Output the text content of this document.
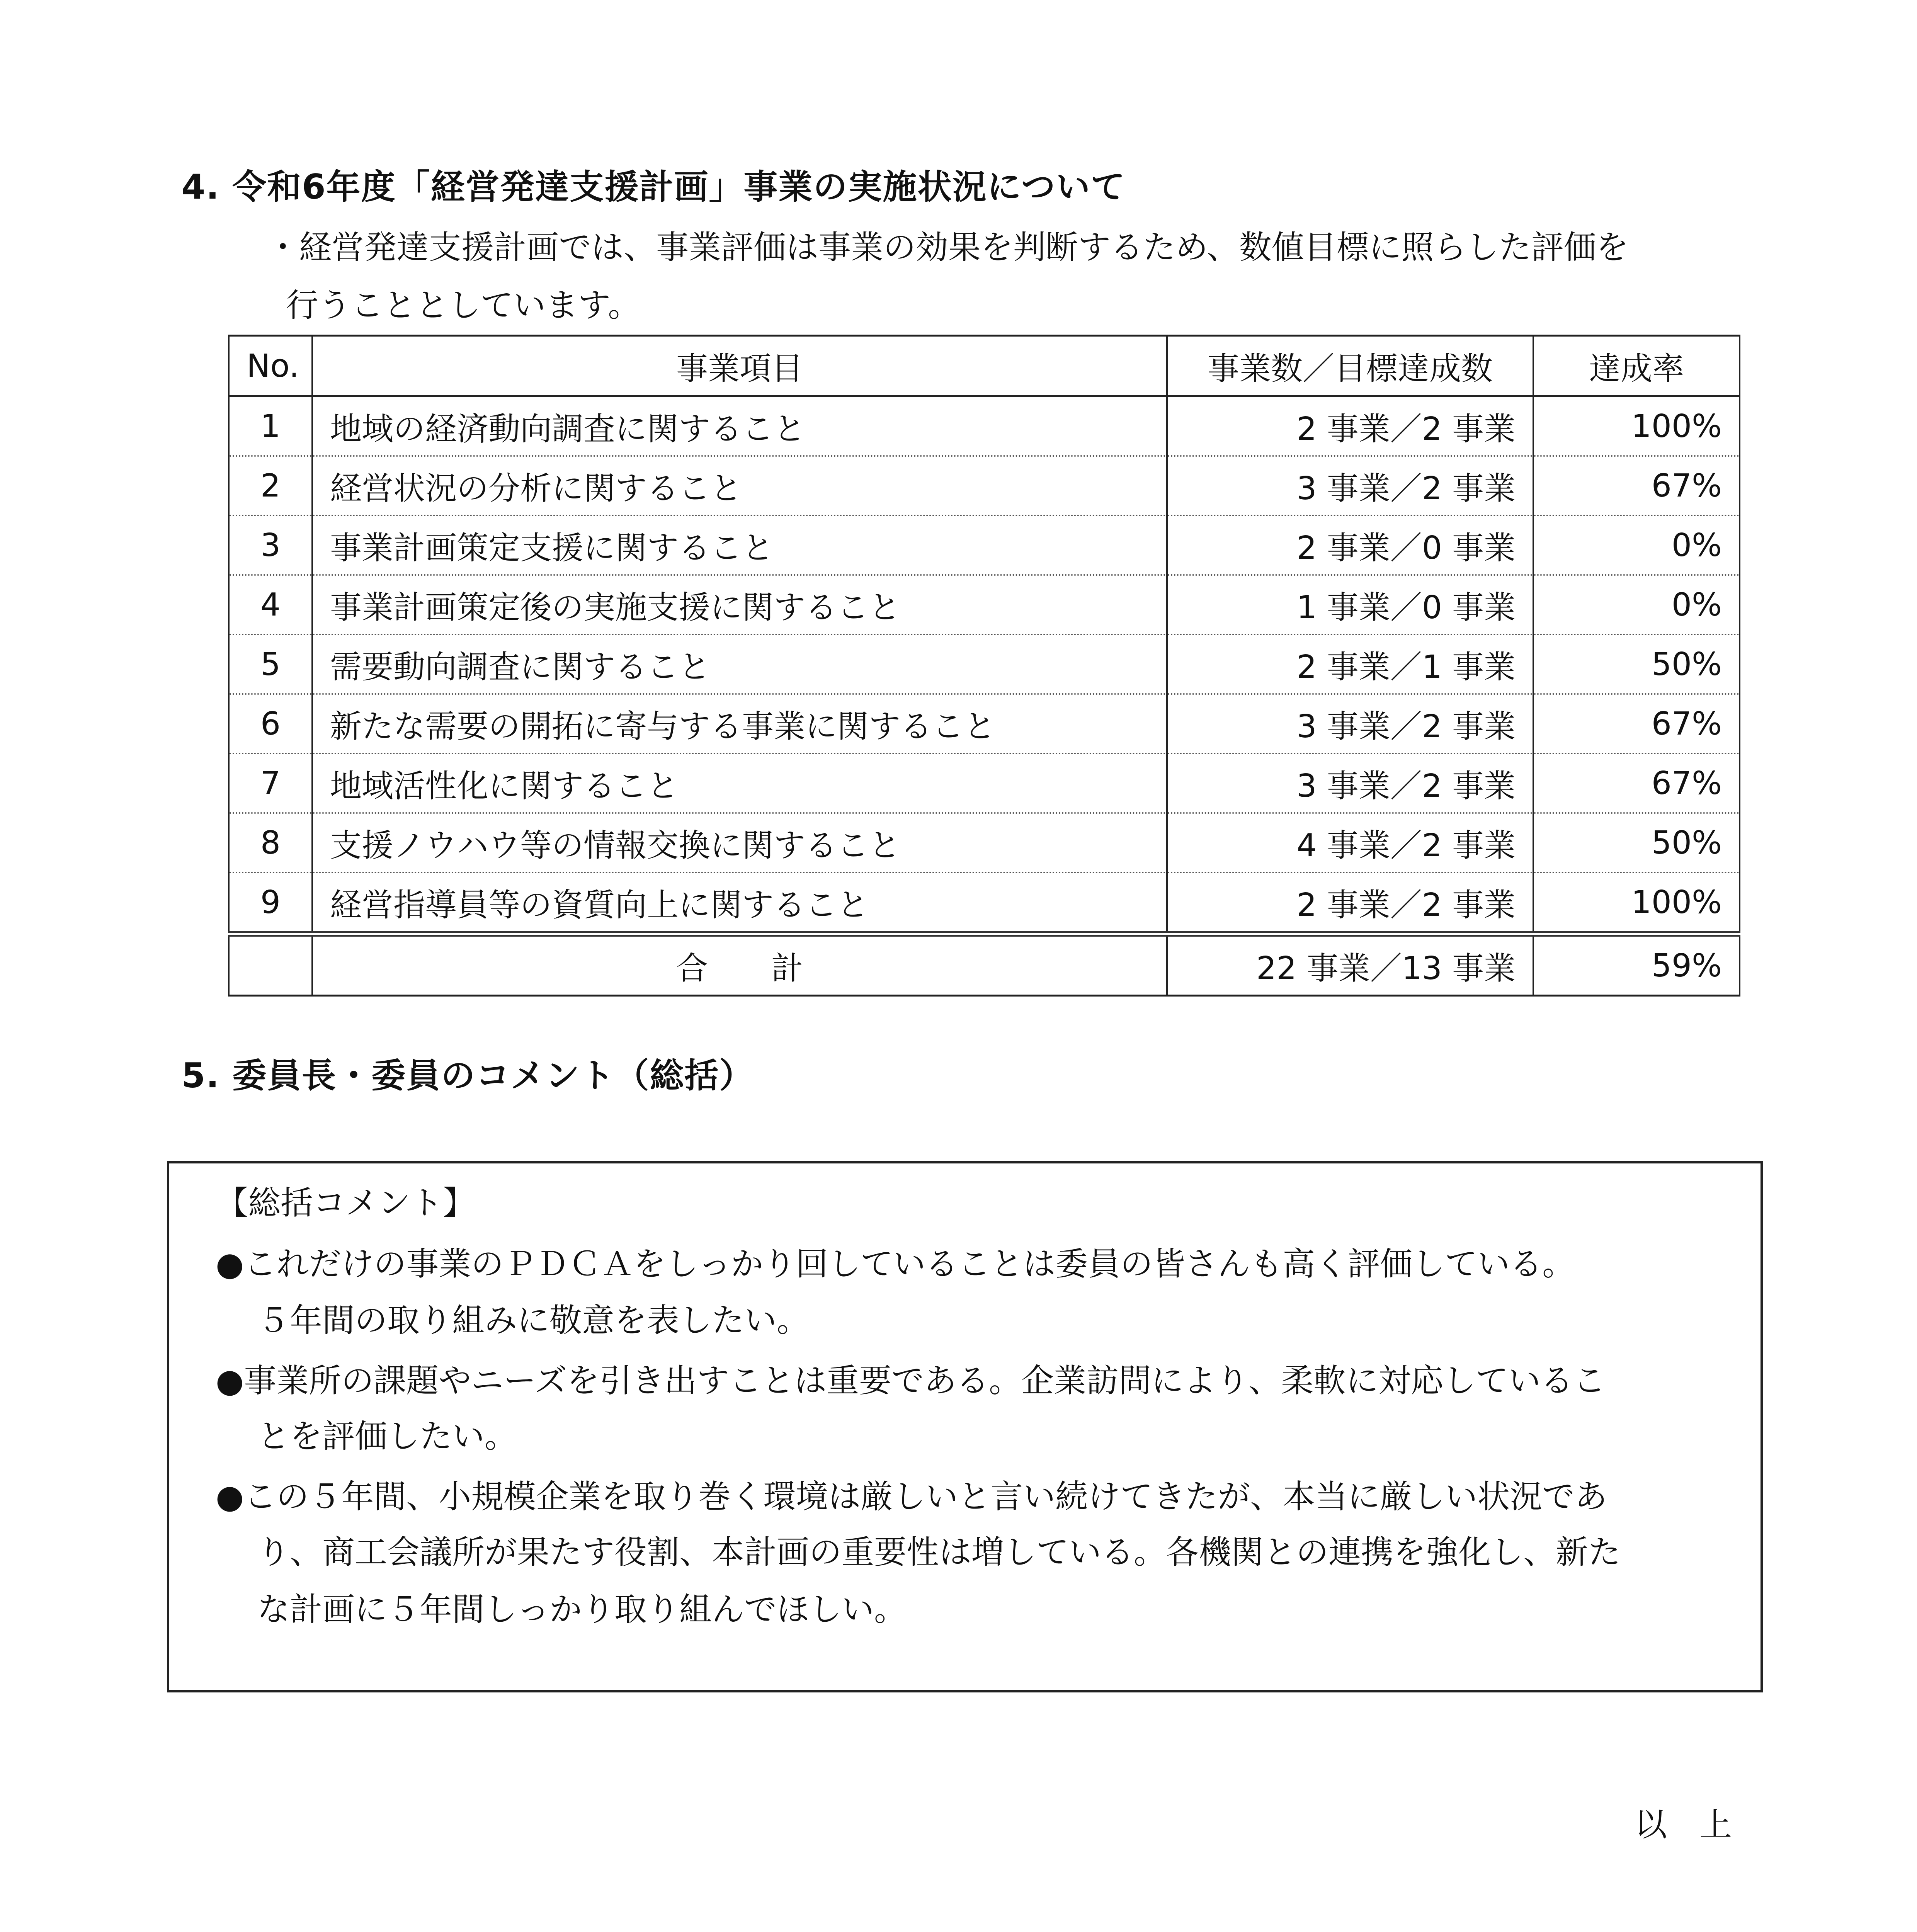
4. 令和6年度「経営発達支援計画」事業の実施状況について
・経営発達支援計画では、事業評価は事業の効果を判断するため、数値目標に照らした評価を
行うこととしています。
No.	事業項目	事業数／目標達成数	達成率
1	地域の経済動向調査に関すること	2 事業／2 事業	100%
2	経営状況の分析に関すること	3 事業／2 事業	67%
3	事業計画策定支援に関すること	2 事業／0 事業	0%
4	事業計画策定後の実施支援に関すること	1 事業／0 事業	0%
5	需要動向調査に関すること	2 事業／1 事業	50%
6	新たな需要の開拓に寄与する事業に関すること	3 事業／2 事業	67%
7	地域活性化に関すること	3 事業／2 事業	67%
8	支援ノウハウ等の情報交換に関すること	4 事業／2 事業	50%
9	経営指導員等の資質向上に関すること	2 事業／2 事業	100%
	合　　計	22 事業／13 事業	59%
5. 委員長・委員のコメント（総括）
【総括コメント】
●これだけの事業のＰＤＣＡをしっかり回していることは委員の皆さんも高く評価している。
５年間の取り組みに敬意を表したい。
●事業所の課題やニーズを引き出すことは重要である。企業訪問により、柔軟に対応しているこ
とを評価したい。
●この５年間、小規模企業を取り巻く環境は厳しいと言い続けてきたが、本当に厳しい状況であ
り、商工会議所が果たす役割、本計画の重要性は増している。各機関との連携を強化し、新た
な計画に５年間しっかり取り組んでほしい。
以　上
